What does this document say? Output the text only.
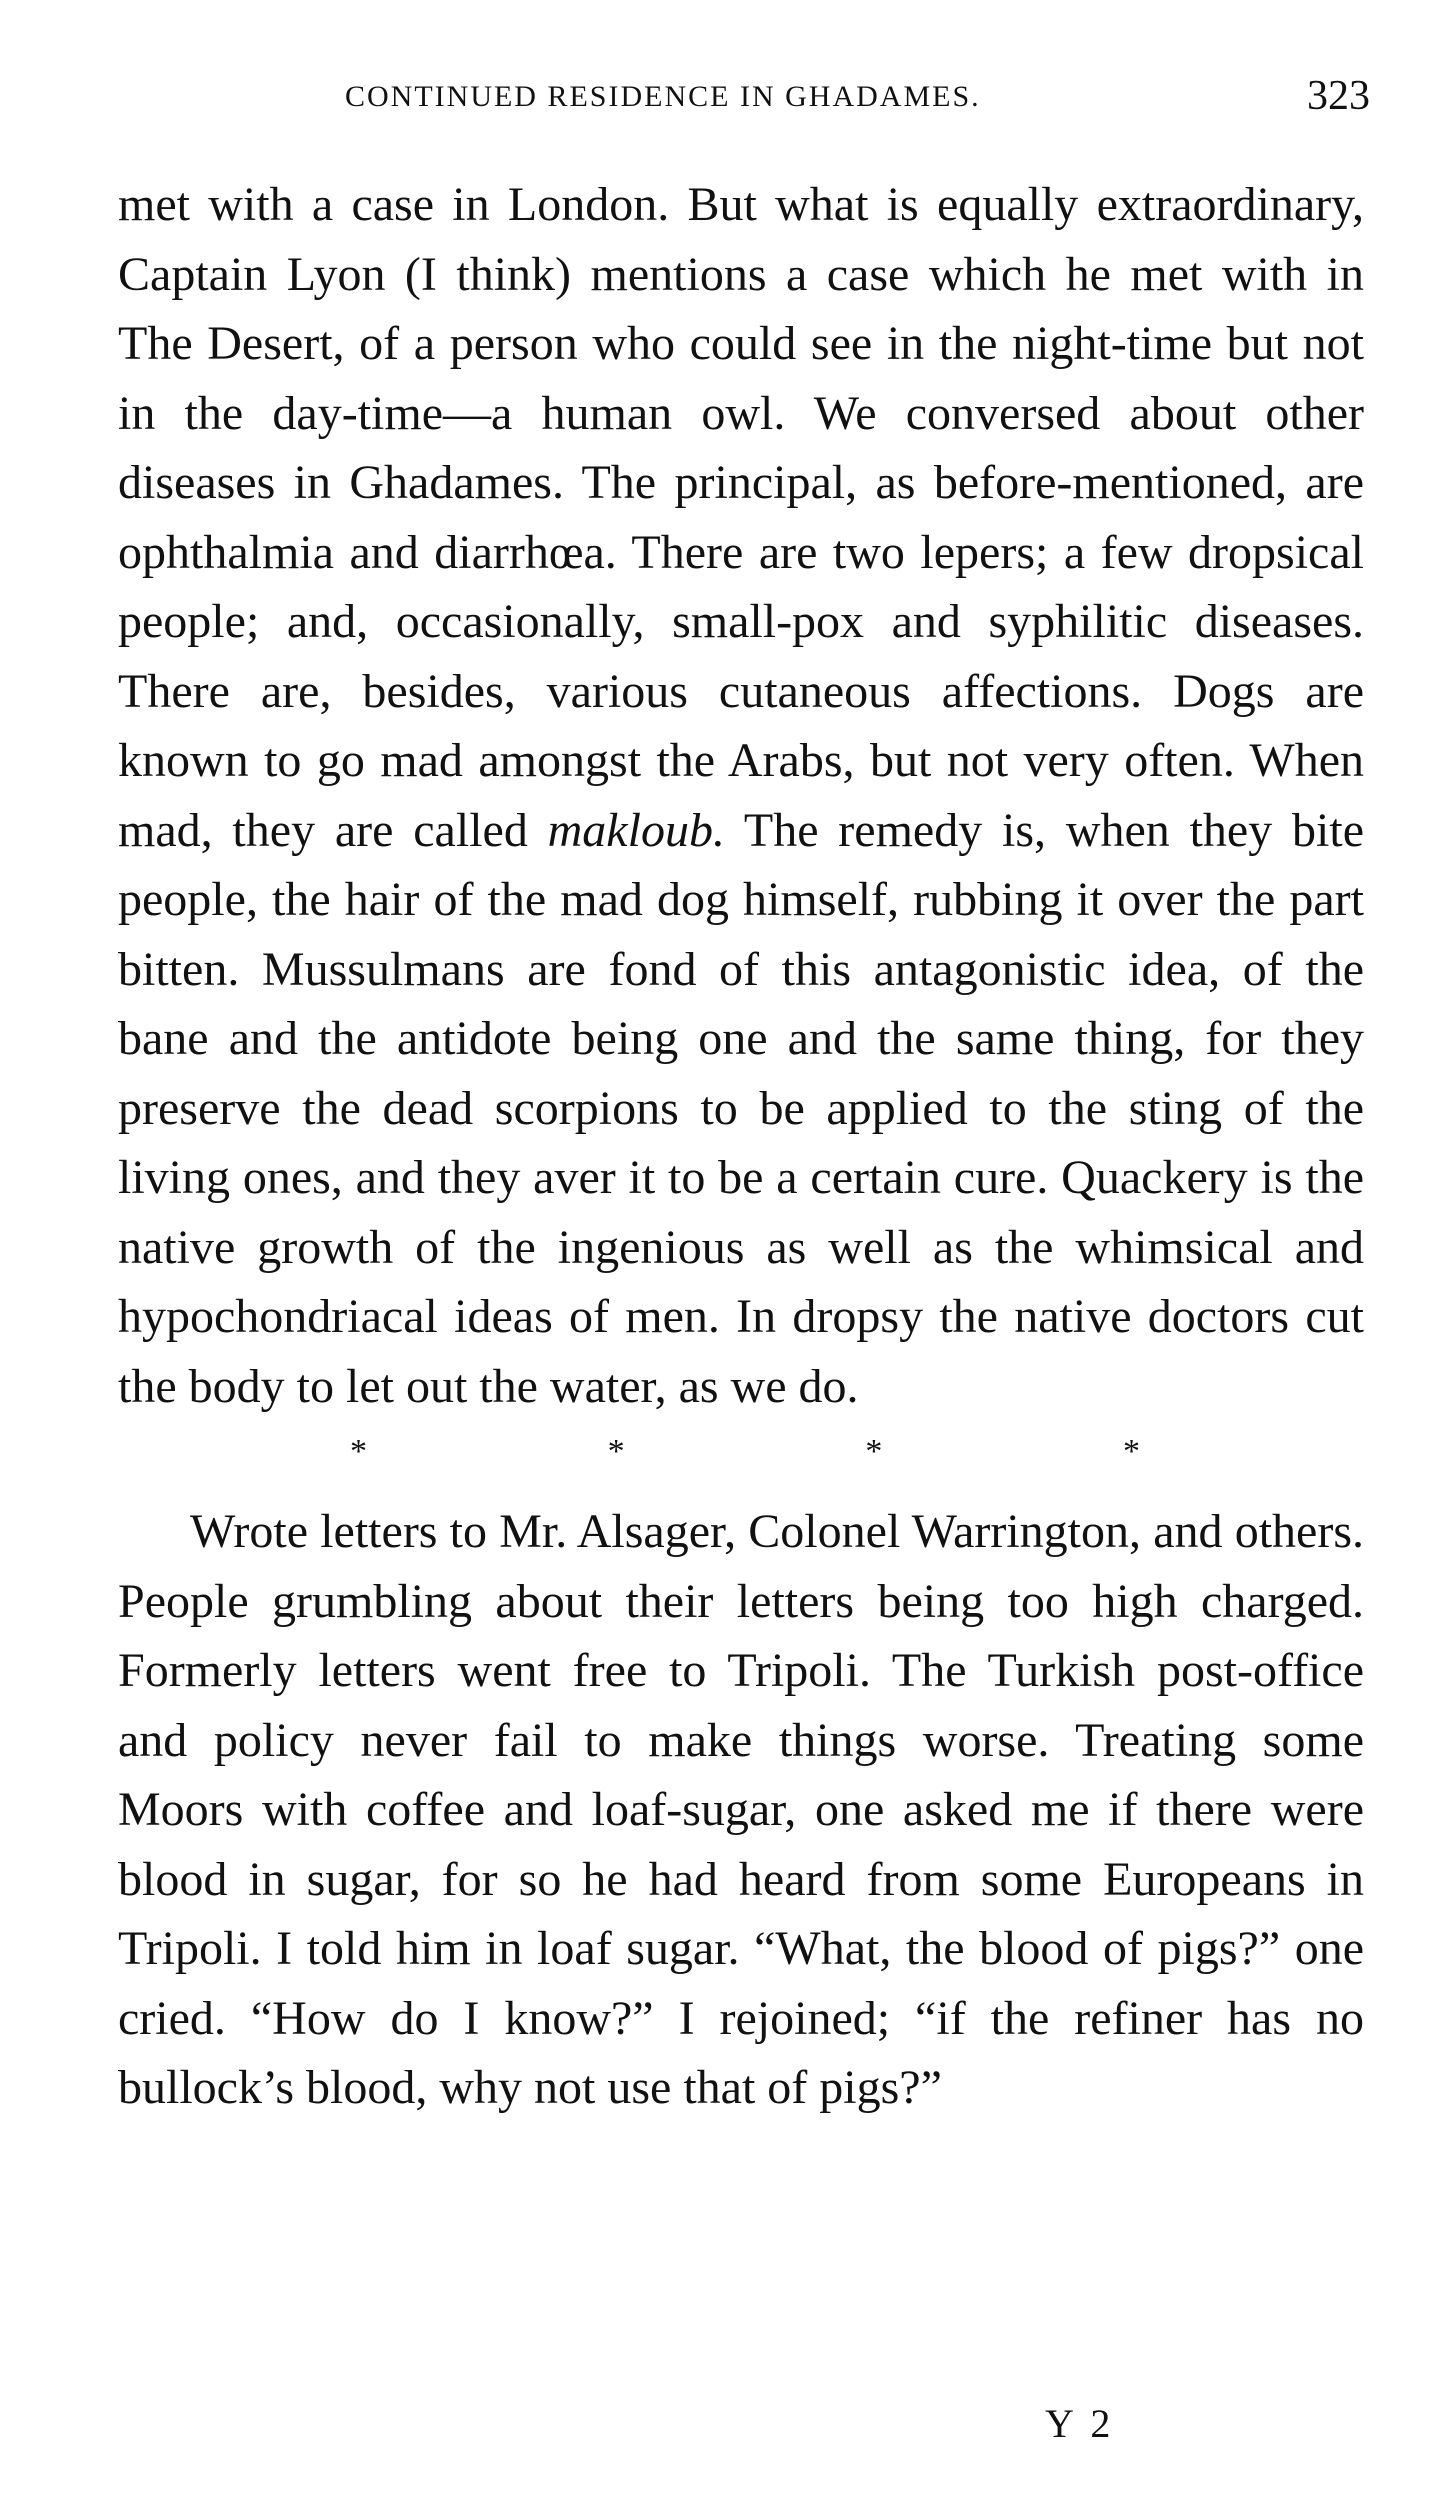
CONTINUED RESIDENCE IN GHADAMES.	323

met with a case in London. But what is equally extraordinary, Captain Lyon (I think) mentions a case which he met with in The Desert, of a person who could see in the night-time but not in the day-time—a human owl. We conversed about other diseases in Ghadames. The principal, as before-mentioned, are ophthalmia and diarrhœa. There are two lepers; a few dropsical people; and, occasionally, small-pox and syphilitic diseases. There are, besides, various cutaneous affections. Dogs are known to go mad amongst the Arabs, but not very often. When mad, they are called makloub. The remedy is, when they bite people, the hair of the mad dog himself, rubbing it over the part bitten. Mussulmans are fond of this antagonistic idea, of the bane and the antidote being one and the same thing, for they preserve the dead scorpions to be applied to the sting of the living ones, and they aver it to be a certain cure. Quackery is the native growth of the ingenious as well as the whimsical and hypochondriacal ideas of men. In dropsy the native doctors cut the body to let out the water, as we do.

*	*	*	*

Wrote letters to Mr. Alsager, Colonel Warrington, and others. People grumbling about their letters being too high charged. Formerly letters went free to Tripoli. The Turkish post-office and policy never fail to make things worse. Treating some Moors with coffee and loaf-sugar, one asked me if there were blood in sugar, for so he had heard from some Europeans in Tripoli. I told him in loaf sugar. “What, the blood of pigs?” one cried. “How do I know?” I rejoined; “if the refiner has no bullock’s blood, why not use that of pigs?”

Y 2
